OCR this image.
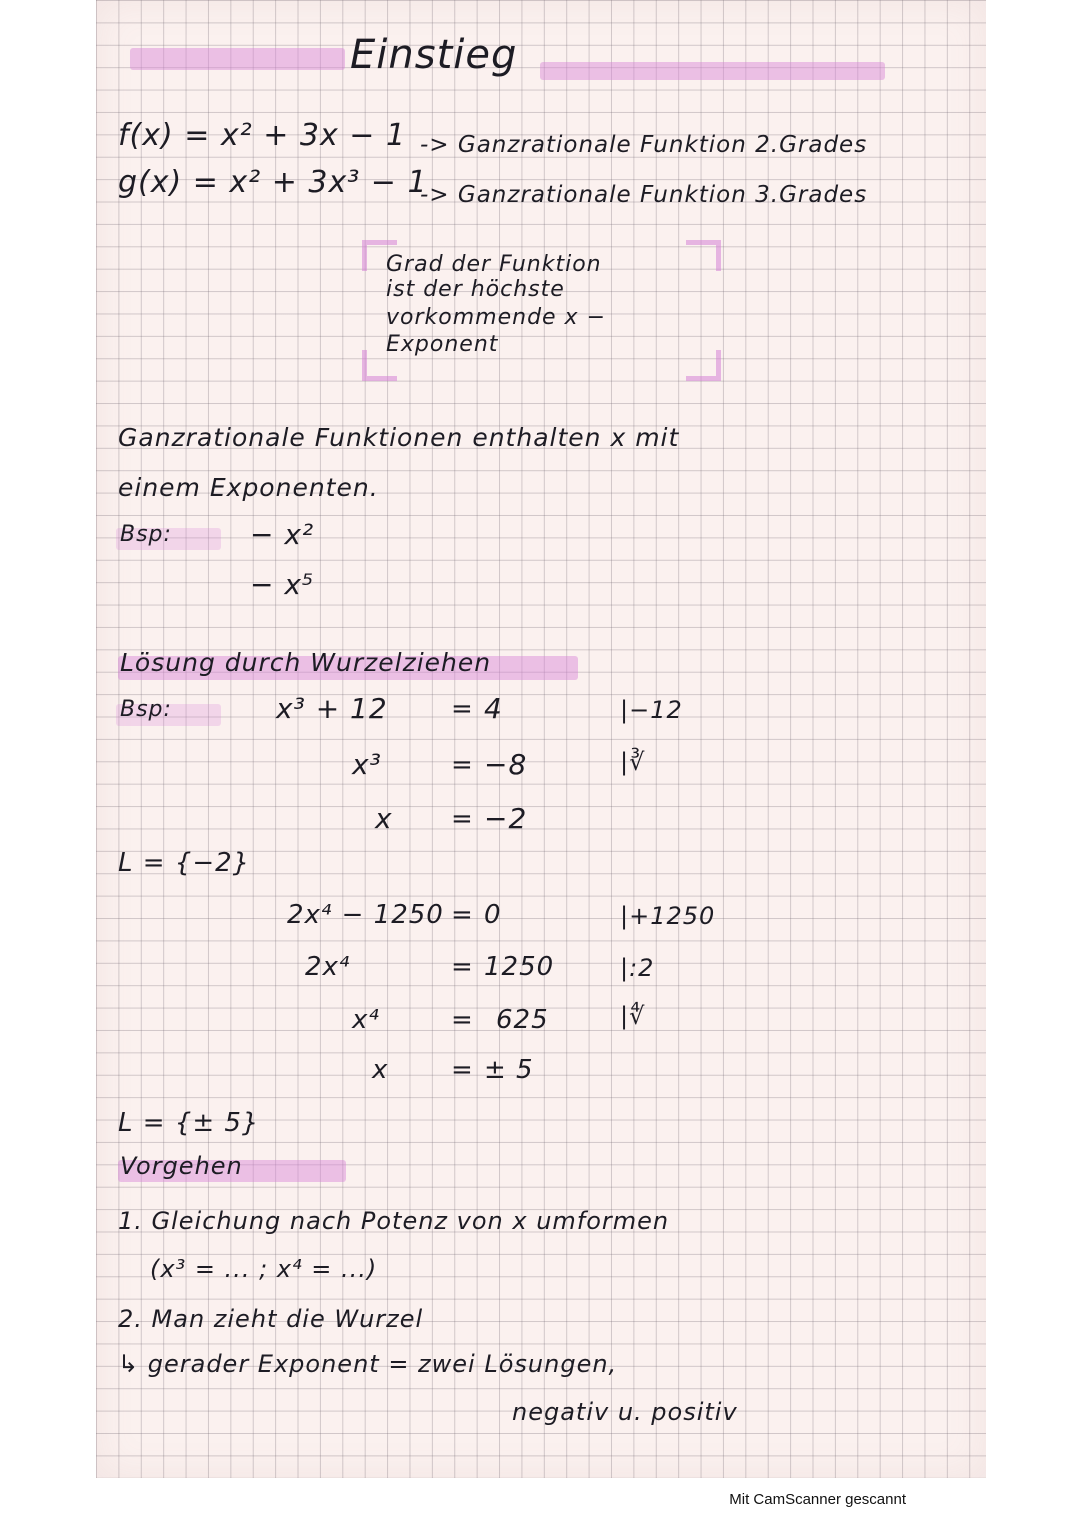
Einstieg
f(x) = x² + 3x − 1 -> Ganzrationale Funktion 2.Grades
g(x) = x² + 3x³ − 1
-> Ganzrationale Funktion 3.Grades
Grad der Funktion
ist der höchste
vorkommende x −
Exponent
Ganzrationale Funktionen enthalten x mit
einem Exponenten.
Bsp:	− x²
− x⁵
Lösung durch Wurzelziehen
Bsp:	x³ + 12 = 4	|−12
x³	= −8	|∛
x = −2
L = {−2}
2x⁴ − 1250 = 0	|+1250
2x⁴	= 1250	|:2
x⁴	= 625	|∜
x = ± 5
L = {± 5}
Vorgehen
1. Gleichung nach Potenz von x umformen
(x³ = ... ; x⁴ = ...)
2. Man zieht die Wurzel
↳ gerader Exponent = zwei Lösungen,
negativ u. positiv
Mit CamScanner gescannt
